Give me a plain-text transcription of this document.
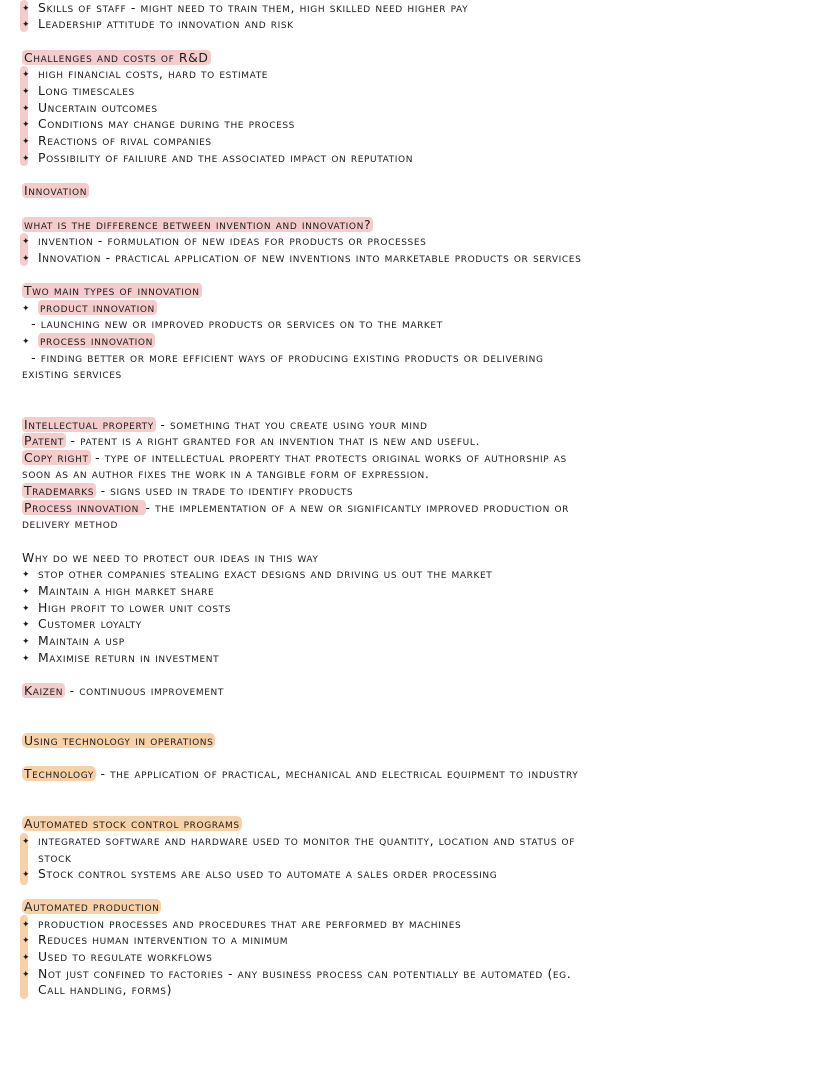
✦ Skills of staff - might need to train them, high skilled need higher pay
✦ Leadership attitude to innovation and risk
Challenges and costs of R&D
✦ high financial costs, hard to estimate
✦ Long timescales
✦ Uncertain outcomes
✦ Conditions may change during the process
✦ Reactions of rival companies
✦ Possibility of failiure and the associated impact on reputation
Innovation
what is the difference between invention and innovation?
✦ invention - formulation of new ideas for products or processes
✦ Innovation - practical application of new inventions into marketable products or services
Two main types of innovation
✦ product innovation
- launching new or improved products or services on to the market
✦ process innovation
- finding better or more efficient ways of producing existing products or delivering
existing services
Intellectual property - something that you create using your mind
Patent - patent is a right granted for an invention that is new and useful.
Copy right - type of intellectual property that protects original works of authorship as
soon as an author fixes the work in a tangible form of expression.
Trademarks - signs used in trade to identify products
Process innovation - the implementation of a new or significantly improved production or
delivery method
Why do we need to protect our ideas in this way
✦ stop other companies stealing exact designs and driving us out the market
✦ Maintain a high market share
✦ High profit to lower unit costs
✦ Customer loyalty
✦ Maintain a usp
✦ Maximise return in investment
Kaizen - continuous improvement
Using technology in operations
Technology - the application of practical, mechanical and electrical equipment to industry
Automated stock control programs
✦ integrated software and hardware used to monitor the quantity, location and status of
stock
✦ Stock control systems are also used to automate a sales order processing
Automated production
✦ production processes and procedures that are performed by machines
✦ Reduces human intervention to a minimum
✦ Used to regulate workflows
✦ Not just confined to factories - any business process can potentially be automated (eg.
Call handling, forms)
